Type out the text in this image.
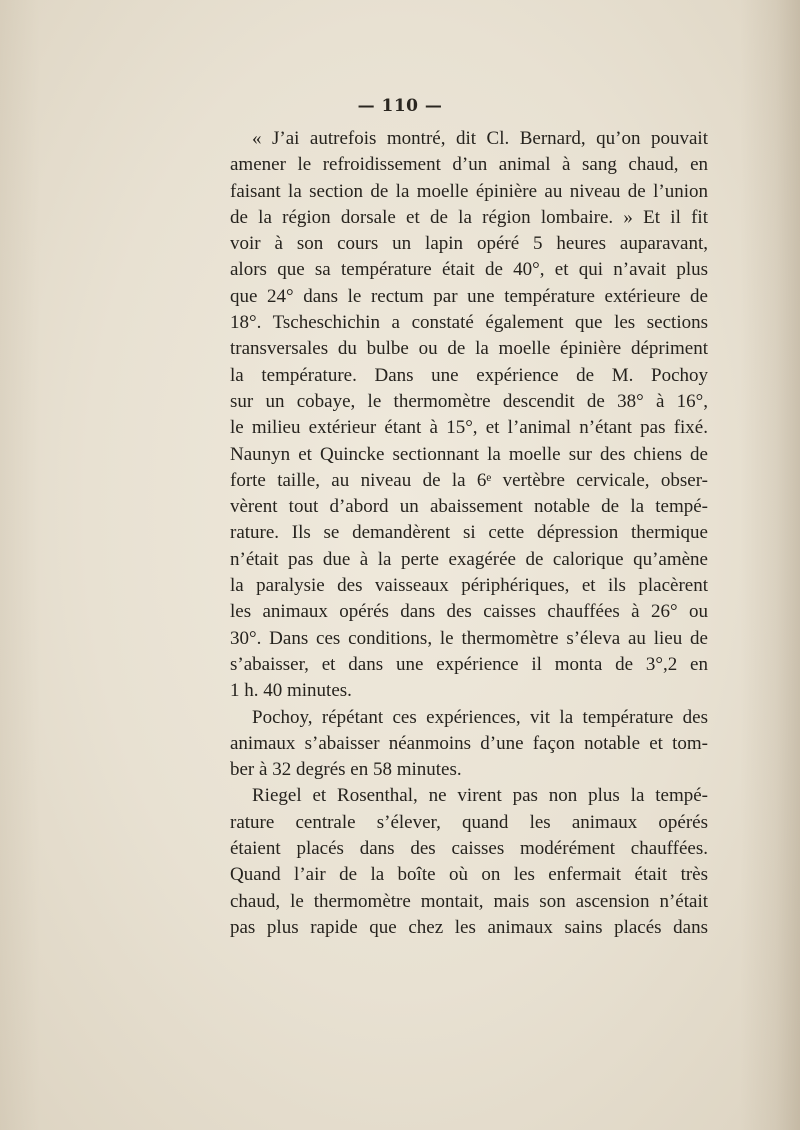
— 110 —
« J’ai autrefois montré, dit Cl. Bernard, qu’on pouvait
amener le refroidissement d’un animal à sang chaud, en
faisant la section de la moelle épinière au niveau de l’union
de la région dorsale et de la région lombaire. » Et il fit
voir à son cours un lapin opéré 5 heures auparavant,
alors que sa température était de 40°, et qui n’avait plus
que 24° dans le rectum par une température extérieure de
18°. Tscheschichin a constaté également que les sections
transversales du bulbe ou de la moelle épinière dépriment
la température. Dans une expérience de M. Pochoy
sur un cobaye, le thermomètre descendit de 38° à 16°,
le milieu extérieur étant à 15°, et l’animal n’étant pas fixé.
Naunyn et Quincke sectionnant la moelle sur des chiens de
forte taille, au niveau de la 6ᵉ vertèbre cervicale, obser-
vèrent tout d’abord un abaissement notable de la tempé-
rature. Ils se demandèrent si cette dépression thermique
n’était pas due à la perte exagérée de calorique qu’amène
la paralysie des vaisseaux périphériques, et ils placèrent
les animaux opérés dans des caisses chauffées à 26° ou
30°. Dans ces conditions, le thermomètre s’éleva au lieu de
s’abaisser, et dans une expérience il monta de 3°,2 en
1 h. 40 minutes.
Pochoy, répétant ces expériences, vit la température des
animaux s’abaisser néanmoins d’une façon notable et tom-
ber à 32 degrés en 58 minutes.
Riegel et Rosenthal, ne virent pas non plus la tempé-
rature centrale s’élever, quand les animaux opérés
étaient placés dans des caisses modérément chauffées.
Quand l’air de la boîte où on les enfermait était très
chaud, le thermomètre montait, mais son ascension n’était
pas plus rapide que chez les animaux sains placés dans
